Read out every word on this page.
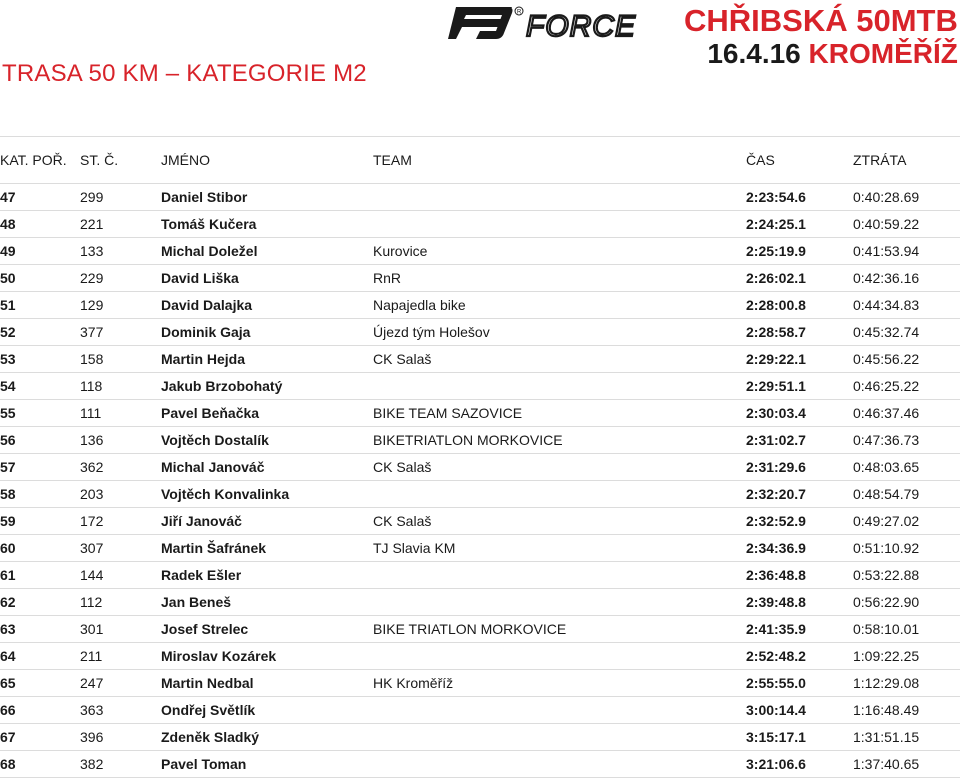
TRASA 50 KM – KATEGORIE M2
R FORCE CHŘIBSKÁ 50MTB
16.4.16 KROMĚŘÍŽ
KAT. POŘ.	ST. Č.	JMÉNO	TEAM	ČAS	ZTRÁTA
47	299	Daniel Stibor		2:23:54.6	0:40:28.69
48	221	Tomáš Kučera		2:24:25.1	0:40:59.22
49	133	Michal Doležel	Kurovice	2:25:19.9	0:41:53.94
50	229	David Liška	RnR	2:26:02.1	0:42:36.16
51	129	David Dalajka	Napajedla bike	2:28:00.8	0:44:34.83
52	377	Dominik Gaja	Újezd tým Holešov	2:28:58.7	0:45:32.74
53	158	Martin Hejda	CK Salaš	2:29:22.1	0:45:56.22
54	118	Jakub Brzobohatý		2:29:51.1	0:46:25.22
55	111	Pavel Beňačka	BIKE TEAM SAZOVICE	2:30:03.4	0:46:37.46
56	136	Vojtěch Dostalík	BIKETRIATLON MORKOVICE	2:31:02.7	0:47:36.73
57	362	Michal Janováč	CK Salaš	2:31:29.6	0:48:03.65
58	203	Vojtěch Konvalinka		2:32:20.7	0:48:54.79
59	172	Jiří Janováč	CK Salaš	2:32:52.9	0:49:27.02
60	307	Martin Šafránek	TJ Slavia KM	2:34:36.9	0:51:10.92
61	144	Radek Ešler		2:36:48.8	0:53:22.88
62	112	Jan Beneš		2:39:48.8	0:56:22.90
63	301	Josef Strelec	BIKE TRIATLON MORKOVICE	2:41:35.9	0:58:10.01
64	211	Miroslav Kozárek		2:52:48.2	1:09:22.25
65	247	Martin Nedbal	HK Kroměříž	2:55:55.0	1:12:29.08
66	363	Ondřej Světlík		3:00:14.4	1:16:48.49
67	396	Zdeněk Sladký		3:15:17.1	1:31:51.15
68	382	Pavel Toman		3:21:06.6	1:37:40.65
